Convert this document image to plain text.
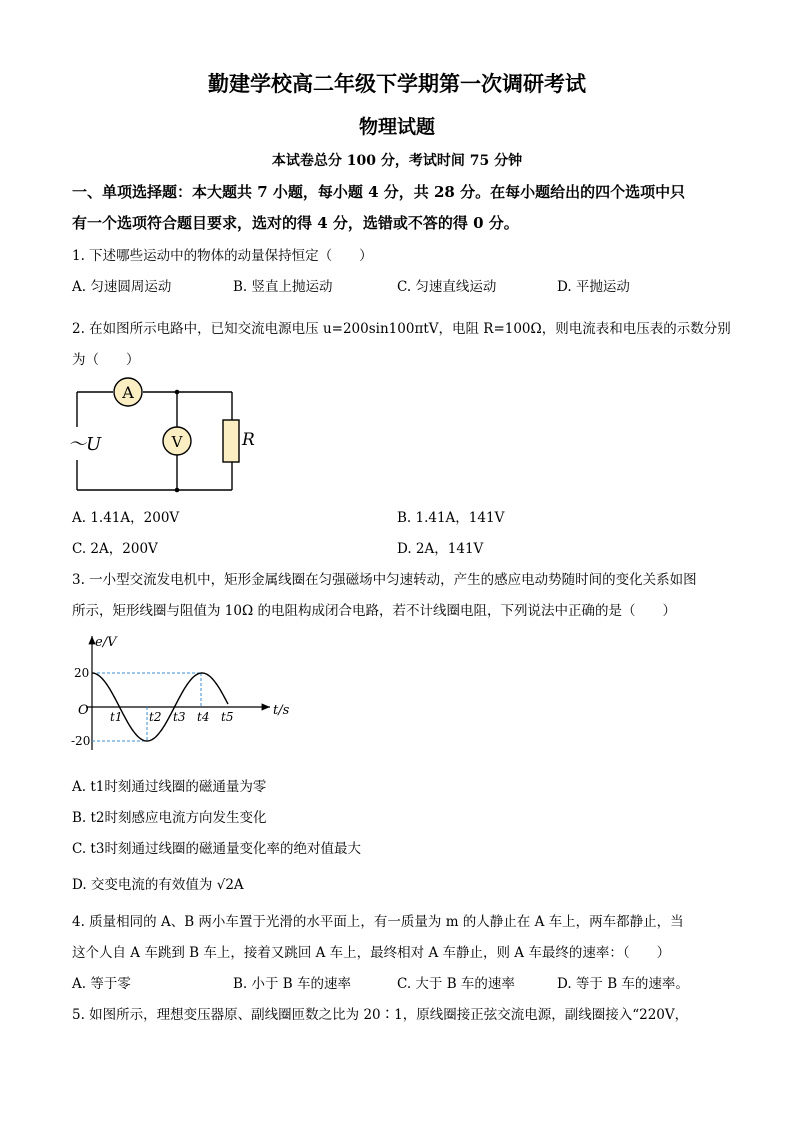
勤建学校高二年级下学期第一次调研考试
物理试题
本试卷总分 100 分，考试时间 75 分钟
一、单项选择题：本大题共 7 小题，每小题 4 分，共 28 分。在每小题给出的四个选项中只
有一个选项符合题目要求，选对的得 4 分，选错或不答的得 0 分。
1. 下述哪些运动中的物体的动量保持恒定（　　）
A. 匀速圆周运动	B. 竖直上抛运动	C. 匀速直线运动	D. 平抛运动
2. 在如图所示电路中，已知交流电源电压 u=200sin100πtV，电阻 R=100Ω，则电流表和电压表的示数分别
为（　　）
A
V	R
～U
A. 1.41A，200V	B. 1.41A，141V
C. 2A，200V	D. 2A，141V
3. 一小型交流发电机中，矩形金属线圈在匀强磁场中匀速转动，产生的感应电动势随时间的变化关系如图
所示，矩形线圈与阻值为 10Ω 的电阻构成闭合电路，若不计线圈电阻，下列说法中正确的是（　　）
e/V
t/s
O
20
-20
t1 t2 t3 t4 t5
A. t1时刻通过线圈的磁通量为零
B. t2时刻感应电流方向发生变化
C. t3时刻通过线圈的磁通量变化率的绝对值最大
D. 交变电流的有效值为 √2A
4. 质量相同的 A、B 两小车置于光滑的水平面上，有一质量为 m 的人静止在 A 车上，两车都静止，当
这个人自 A 车跳到 B 车上，接着又跳回 A 车上，最终相对 A 车静止，则 A 车最终的速率：（　　）
A. 等于零	B. 小于 B 车的速率	C. 大于 B 车的速率	D. 等于 B 车的速率。
5. 如图所示，理想变压器原、副线圈匝数之比为 20∶1，原线圈接正弦交流电源，副线圈接入“220V，
